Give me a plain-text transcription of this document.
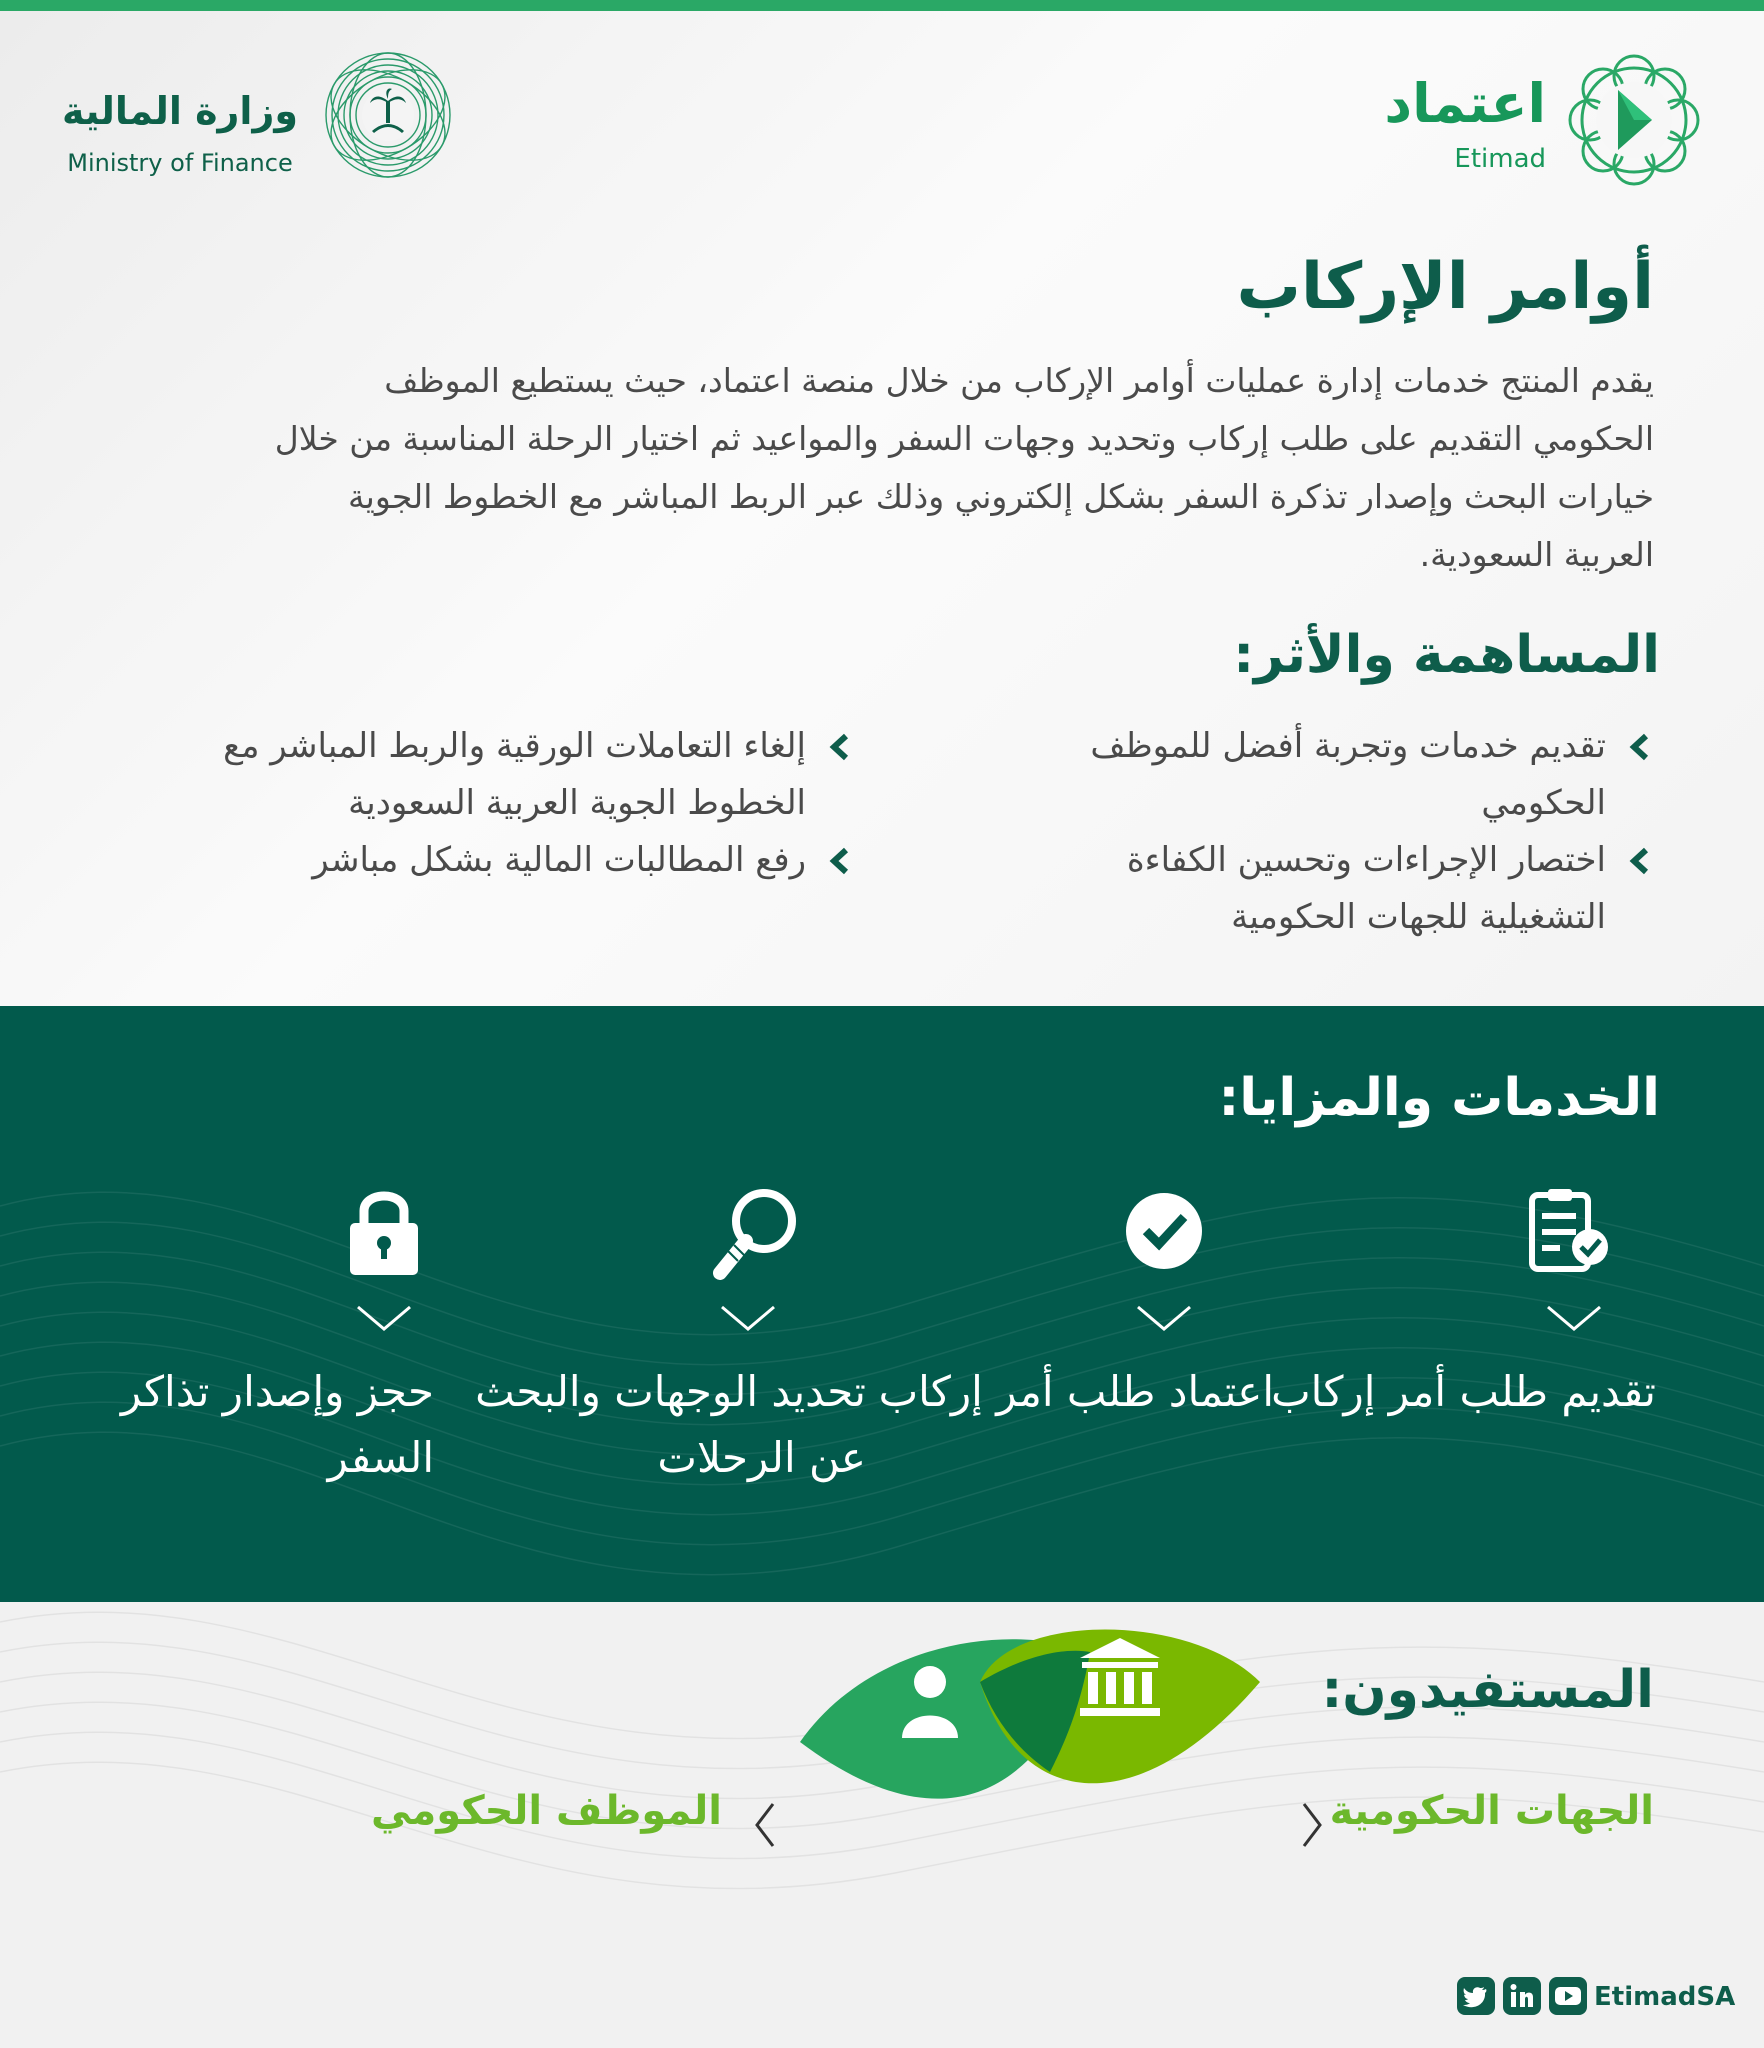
اعتماد
Etimad
وزارة المالية
Ministry of Finance
أوامر الإركاب

يقدم المنتج خدمات إدارة عمليات أوامر الإركاب من خلال منصة اعتماد، حيث يستطيع الموظف الحكومي التقديم على طلب إركاب وتحديد وجهات السفر والمواعيد ثم اختيار الرحلة المناسبة من خلال خيارات البحث وإصدار تذكرة السفر بشكل إلكتروني وذلك عبر الربط المباشر مع الخطوط الجوية العربية السعودية.

المساهمة والأثر:
تقديم خدمات وتجربة أفضل للموظف الحكومي
اختصار الإجراءات وتحسين الكفاءة التشغيلية للجهات الحكومية
إلغاء التعاملات الورقية والربط المباشر مع الخطوط الجوية العربية السعودية
رفع المطالبات المالية بشكل مباشر
الخدمات والمزايا:

تقديم طلب أمر إركاب

اعتماد طلب أمر إركاب

تحديد الوجهات والبحث عن الرحلات

حجز وإصدار تذاكر السفر

المستفيدون:
الجهات الحكومية
الموظف الحكومي
EtimadSA
